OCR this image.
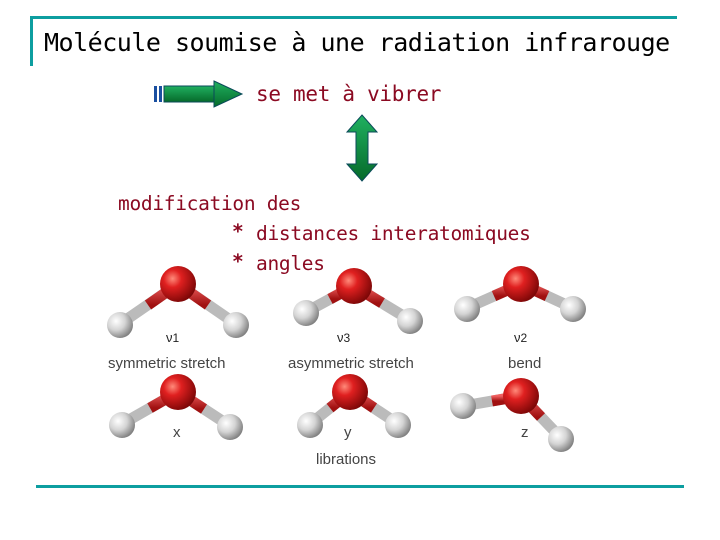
Molécule soumise à une radiation infrarouge
se met à vibrer
modification des
* distances interatomiques
* angles
ν1	ν3	ν2
symmetric stretch	asymmetric stretch	bend
x	y	z
librations
